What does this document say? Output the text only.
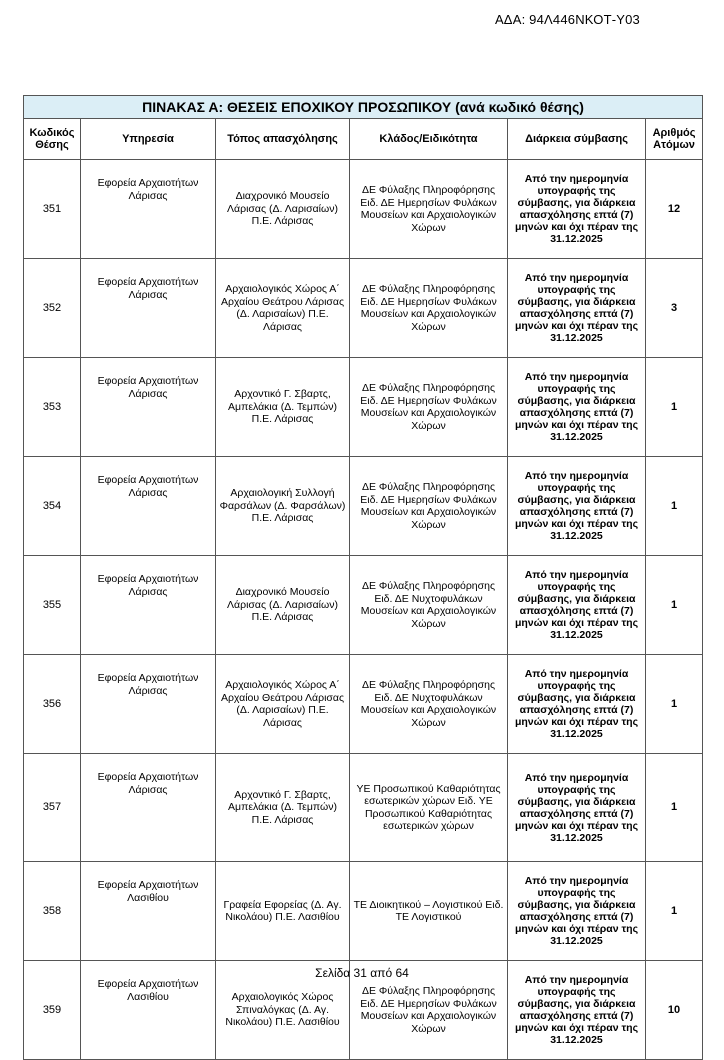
ΑΔΑ: 94Λ446ΝΚΟΤ-Υ03
ΠΙΝΑΚΑΣ Α: ΘΕΣΕΙΣ ΕΠΟΧΙΚΟΥ ΠΡΟΣΩΠΙΚΟΥ (ανά κωδικό θέσης)					
Κωδικός Θέσης	Υπηρεσία	Τόπος απασχόλησης	Κλάδος/Ειδικότητα	Διάρκεια σύμβασης	Αριθμός Ατόμων
351	Εφορεία Αρχαιοτήτων Λάρισας	Διαχρονικό Μουσείο Λάρισας (Δ. Λαρισαίων) Π.Ε. Λάρισας	ΔΕ Φύλαξης Πληροφόρησης Ειδ. ΔΕ Ημερησίων Φυλάκων Μουσείων και Αρχαιολογικών Χώρων	Από την ημερομηνία υπογραφής της σύμβασης, για διάρκεια απασχόλησης επτά (7) μηνών και όχι πέραν της 31.12.2025	12
352	Εφορεία Αρχαιοτήτων Λάρισας	Αρχαιολογικός Χώρος Α΄ Αρχαίου Θεάτρου Λάρισας (Δ. Λαρισαίων) Π.Ε. Λάρισας	ΔΕ Φύλαξης Πληροφόρησης Ειδ. ΔΕ Ημερησίων Φυλάκων Μουσείων και Αρχαιολογικών Χώρων	Από την ημερομηνία υπογραφής της σύμβασης, για διάρκεια απασχόλησης επτά (7) μηνών και όχι πέραν της 31.12.2025	3
353	Εφορεία Αρχαιοτήτων Λάρισας	Αρχοντικό Γ. Σβαρτς, Αμπελάκια (Δ. Τεμπών) Π.Ε. Λάρισας	ΔΕ Φύλαξης Πληροφόρησης Ειδ. ΔΕ Ημερησίων Φυλάκων Μουσείων και Αρχαιολογικών Χώρων	Από την ημερομηνία υπογραφής της σύμβασης, για διάρκεια απασχόλησης επτά (7) μηνών και όχι πέραν της 31.12.2025	1
354	Εφορεία Αρχαιοτήτων Λάρισας	Αρχαιολογική Συλλογή Φαρσάλων (Δ. Φαρσάλων) Π.Ε. Λάρισας	ΔΕ Φύλαξης Πληροφόρησης Ειδ. ΔΕ Ημερησίων Φυλάκων Μουσείων και Αρχαιολογικών Χώρων	Από την ημερομηνία υπογραφής της σύμβασης, για διάρκεια απασχόλησης επτά (7) μηνών και όχι πέραν της 31.12.2025	1
355	Εφορεία Αρχαιοτήτων Λάρισας	Διαχρονικό Μουσείο Λάρισας (Δ. Λαρισαίων) Π.Ε. Λάρισας	ΔΕ Φύλαξης Πληροφόρησης Ειδ. ΔΕ Νυχτοφυλάκων Μουσείων και Αρχαιολογικών Χώρων	Από την ημερομηνία υπογραφής της σύμβασης, για διάρκεια απασχόλησης επτά (7) μηνών και όχι πέραν της 31.12.2025	1
356	Εφορεία Αρχαιοτήτων Λάρισας	Αρχαιολογικός Χώρος Α΄ Αρχαίου Θεάτρου Λάρισας (Δ. Λαρισαίων) Π.Ε. Λάρισας	ΔΕ Φύλαξης Πληροφόρησης Ειδ. ΔΕ Νυχτοφυλάκων Μουσείων και Αρχαιολογικών Χώρων	Από την ημερομηνία υπογραφής της σύμβασης, για διάρκεια απασχόλησης επτά (7) μηνών και όχι πέραν της 31.12.2025	1
357	Εφορεία Αρχαιοτήτων Λάρισας	Αρχοντικό Γ. Σβαρτς, Αμπελάκια (Δ. Τεμπών) Π.Ε. Λάρισας	ΥΕ Προσωπικού Καθαριότητας εσωτερικών χώρων Ειδ. ΥΕ Προσωπικού Καθαριότητας εσωτερικών χώρων	Από την ημερομηνία υπογραφής της σύμβασης, για διάρκεια απασχόλησης επτά (7) μηνών και όχι πέραν της 31.12.2025	1
358	Εφορεία Αρχαιοτήτων Λασιθίου	Γραφεία Εφορείας (Δ. Αγ. Νικολάου) Π.Ε. Λασιθίου	ΤΕ Διοικητικού – Λογιστικού Ειδ. ΤΕ Λογιστικού	Από την ημερομηνία υπογραφής της σύμβασης, για διάρκεια απασχόλησης επτά (7) μηνών και όχι πέραν της 31.12.2025	1
359	Εφορεία Αρχαιοτήτων Λασιθίου	Αρχαιολογικός Χώρος Σπιναλόγκας (Δ. Αγ. Νικολάου) Π.Ε. Λασιθίου	ΔΕ Φύλαξης Πληροφόρησης Ειδ. ΔΕ Ημερησίων Φυλάκων Μουσείων και Αρχαιολογικών Χώρων	Από την ημερομηνία υπογραφής της σύμβασης, για διάρκεια απασχόλησης επτά (7) μηνών και όχι πέραν της 31.12.2025	10
Σελίδα 31 από 64
